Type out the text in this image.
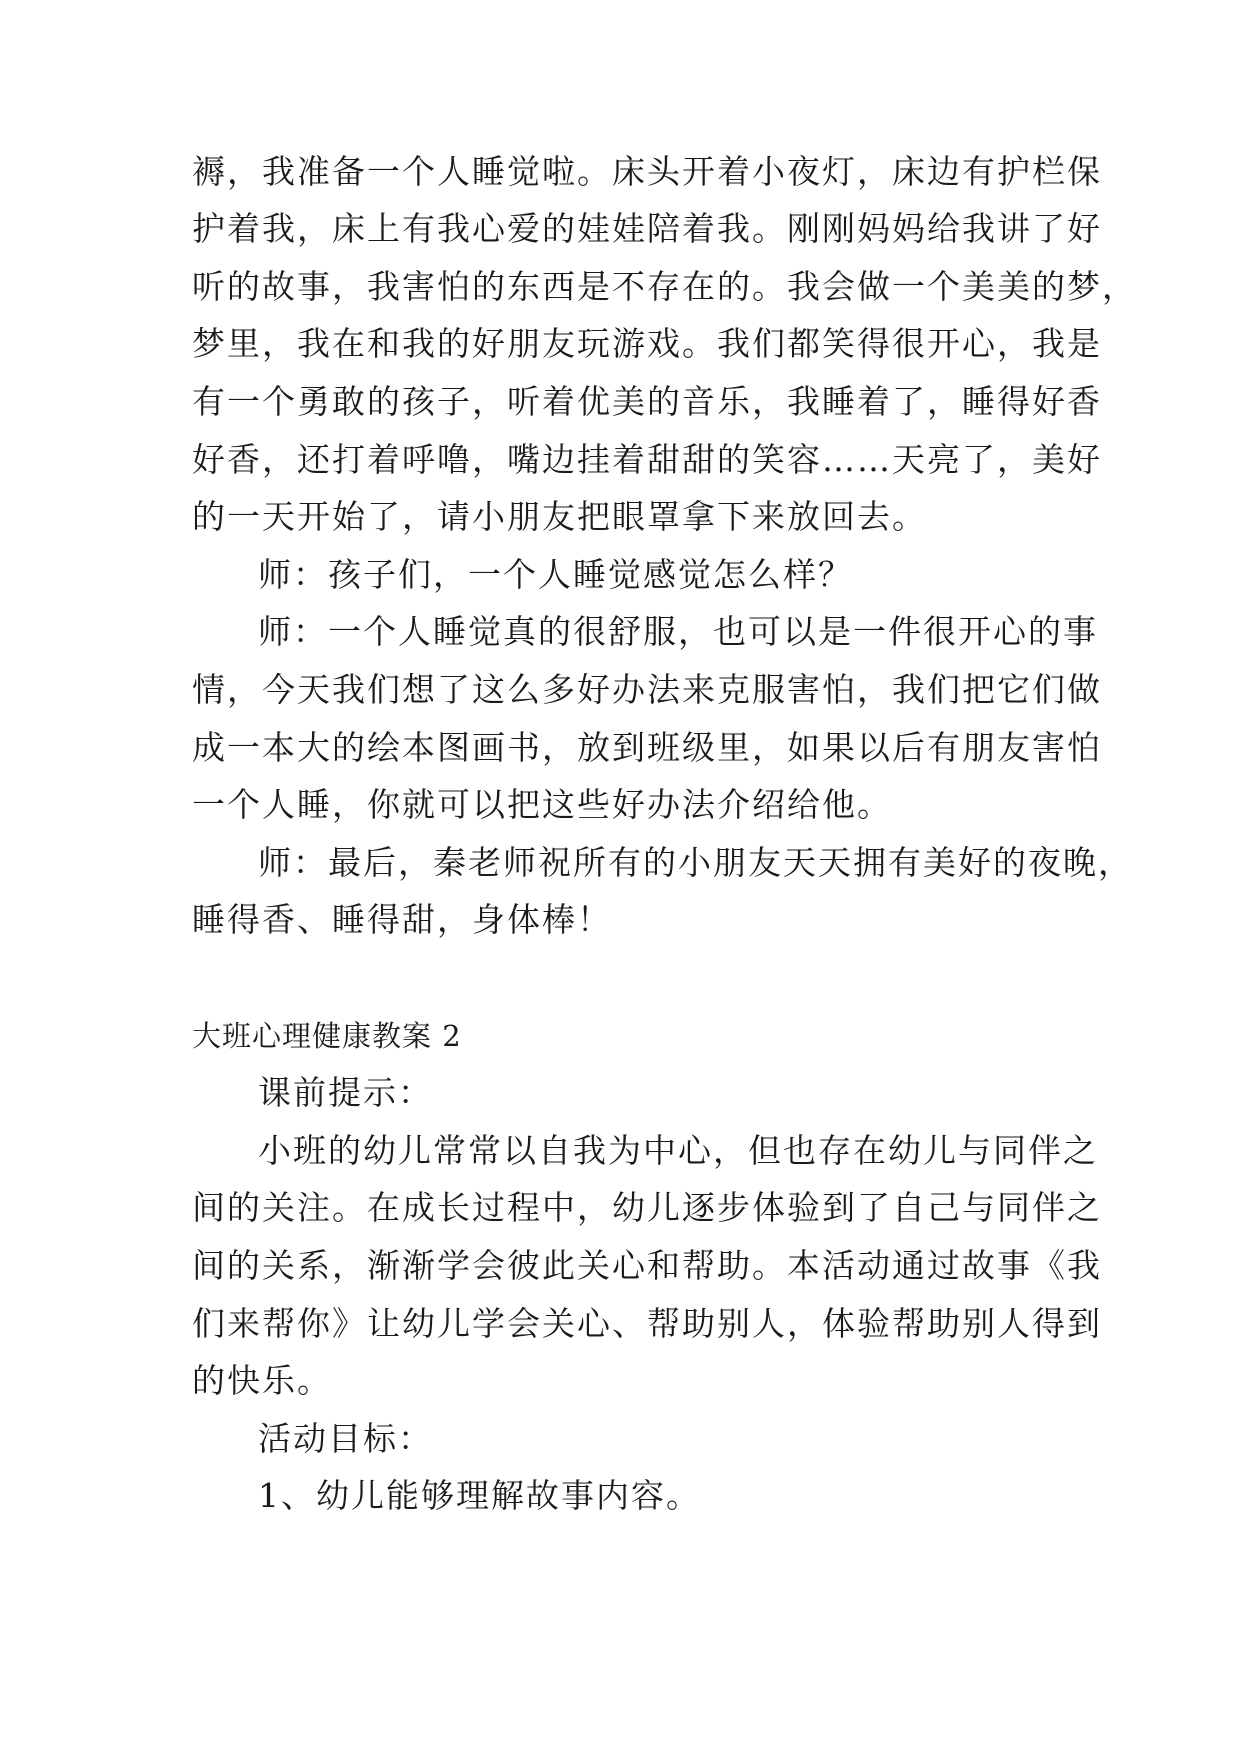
褥，我准备一个人睡觉啦。床头开着小夜灯，床边有护栏保
护着我，床上有我心爱的娃娃陪着我。刚刚妈妈给我讲了好
听的故事，我害怕的东西是不存在的。我会做一个美美的梦，
梦里，我在和我的好朋友玩游戏。我们都笑得很开心，我是
有一个勇敢的孩子，听着优美的音乐，我睡着了，睡得好香
好香，还打着呼噜，嘴边挂着甜甜的笑容……天亮了，美好
的一天开始了，请小朋友把眼罩拿下来放回去。
师：孩子们，一个人睡觉感觉怎么样？
师：一个人睡觉真的很舒服，也可以是一件很开心的事
情，今天我们想了这么多好办法来克服害怕，我们把它们做
成一本大的绘本图画书，放到班级里，如果以后有朋友害怕
一个人睡，你就可以把这些好办法介绍给他。
师：最后，秦老师祝所有的小朋友天天拥有美好的夜晚，
睡得香、睡得甜，身体棒！
大班心理健康教案 2
课前提示：
小班的幼儿常常以自我为中心，但也存在幼儿与同伴之
间的关注。在成长过程中，幼儿逐步体验到了自己与同伴之
间的关系，渐渐学会彼此关心和帮助。本活动通过故事《我
们来帮你》让幼儿学会关心、帮助别人，体验帮助别人得到
的快乐。
活动目标：
1、幼儿能够理解故事内容。
